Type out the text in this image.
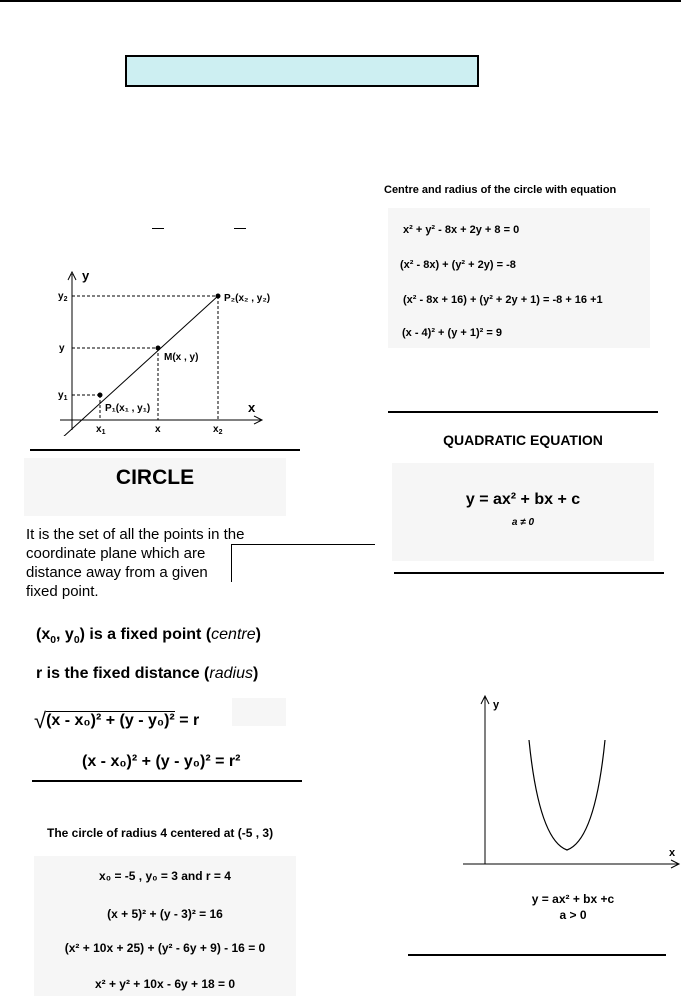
y
x
$y_2$
y
$y_1$
$x_1$	x	$x_2$
P₂(x₂ , y₂)
M(x , y)
P₁(x₁ , y₁)
CIRCLE
It is the set of all the points in the
coordinate plane which are
distance away from a given
fixed point.
($x_0$, $y_0$) is a fixed point (centre)
r is the fixed distance (radius)
√(x - x₀)² + (y - y₀)² = r
(x - x₀)² + (y - y₀)² = r²
The circle of radius 4 centered at (-5 , 3)
x₀ = -5 , y₀ = 3 and r = 4
(x + 5)² + (y - 3)² = 16
(x² + 10x + 25) + (y² - 6y + 9) - 16 = 0
x² + y² + 10x - 6y + 18 = 0
Centre and radius of the circle with equation
x² + y² - 8x + 2y + 8 = 0
(x² - 8x) + (y² + 2y) = -8
(x² - 8x + 16) + (y² + 2y + 1) = -8 + 16 +1
(x - 4)² + (y + 1)² = 9
QUADRATIC EQUATION
y = ax² + bx + c
a ≠ 0
y
x
y = ax² + bx +c
a > 0
